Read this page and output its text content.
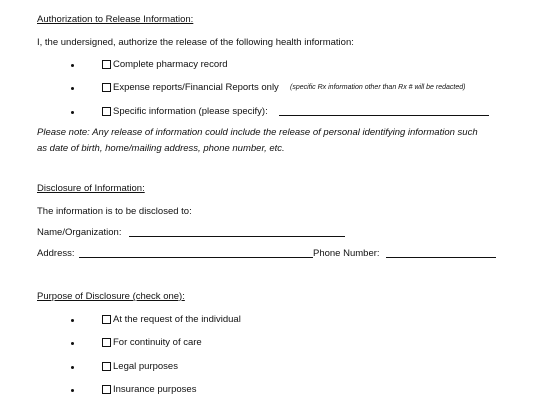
Authorization to Release Information:
I, the undersigned, authorize the release of the following health information:
Complete pharmacy record
Expense reports/Financial Reports only (specific Rx information other than Rx # will be redacted)
Specific information (please specify):
Please note: Any release of information could include the release of personal identifying information such
as date of birth, home/mailing address, phone number, etc.
Disclosure of Information:
The information is to be disclosed to:
Name/Organization:
Address:	Phone Number:
Purpose of Disclosure (check one):
At the request of the individual
For continuity of care
Legal purposes
Insurance purposes
